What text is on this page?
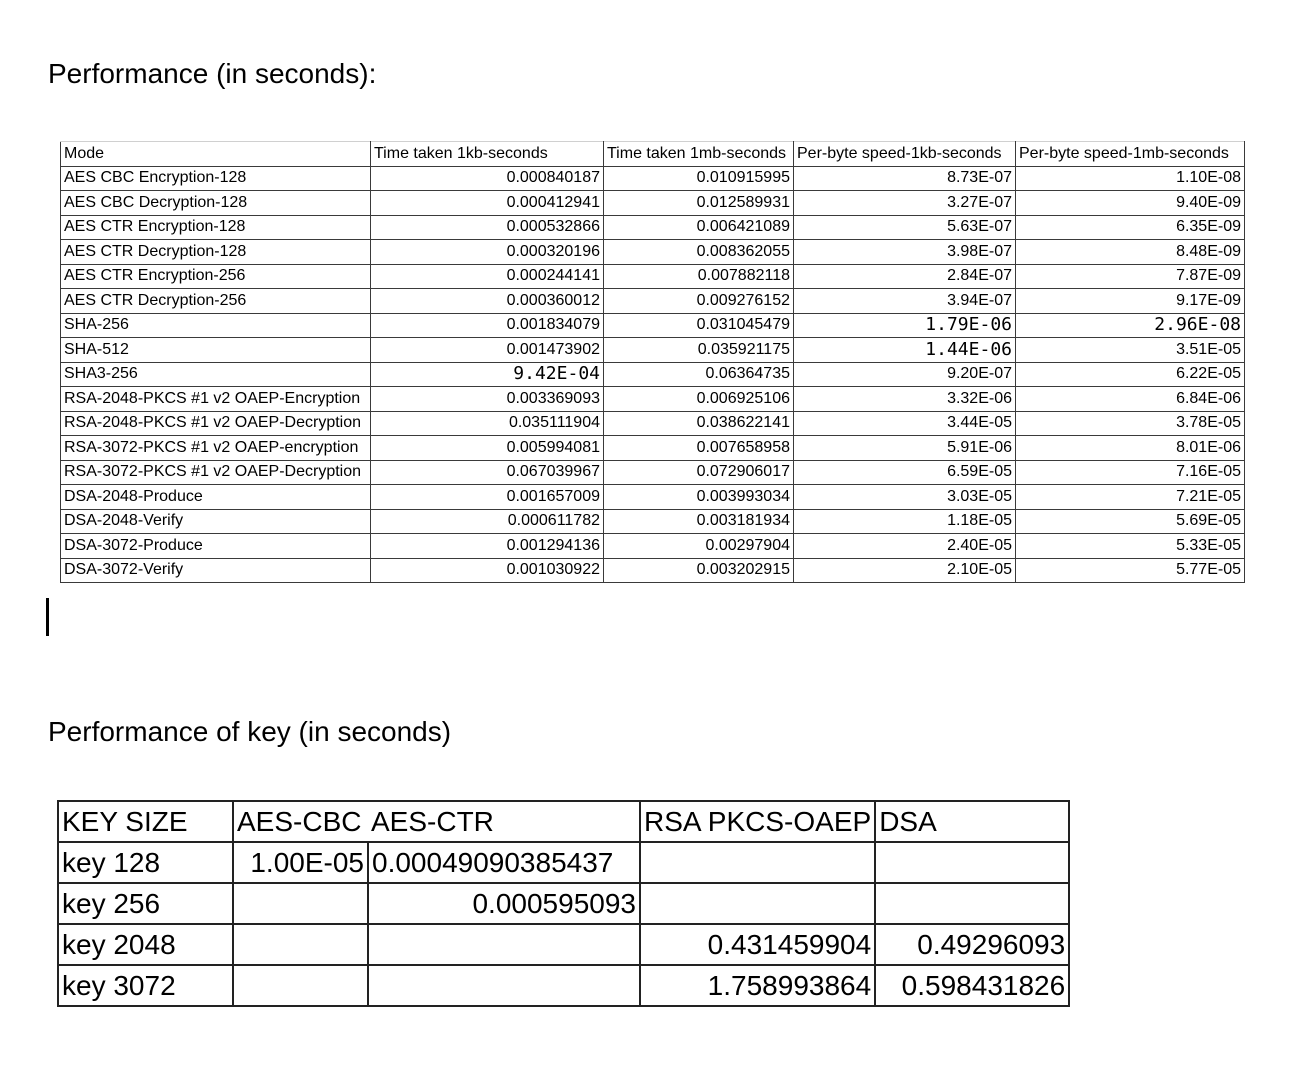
Performance (in seconds):
Mode	Time taken 1kb-seconds	Time taken 1mb-seconds	Per-byte speed-1kb-seconds	Per-byte speed-1mb-seconds
AES CBC Encryption-128	0.000840187	0.010915995	8.73E-07	1.10E-08
AES CBC Decryption-128	0.000412941	0.012589931	3.27E-07	9.40E-09
AES CTR Encryption-128	0.000532866	0.006421089	5.63E-07	6.35E-09
AES CTR Decryption-128	0.000320196	0.008362055	3.98E-07	8.48E-09
AES CTR Encryption-256	0.000244141	0.007882118	2.84E-07	7.87E-09
AES CTR Decryption-256	0.000360012	0.009276152	3.94E-07	9.17E-09
SHA-256	0.001834079	0.031045479	1.79E-06	2.96E-08
SHA-512	0.001473902	0.035921175	1.44E-06	3.51E-05
SHA3-256	9.42E-04	0.06364735	9.20E-07	6.22E-05
RSA-2048-PKCS #1 v2 OAEP-Encryption	0.003369093	0.006925106	3.32E-06	6.84E-06
RSA-2048-PKCS #1 v2 OAEP-Decryption	0.035111904	0.038622141	3.44E-05	3.78E-05
RSA-3072-PKCS #1 v2 OAEP-encryption	0.005994081	0.007658958	5.91E-06	8.01E-06
RSA-3072-PKCS #1 v2 OAEP-Decryption	0.067039967	0.072906017	6.59E-05	7.16E-05
DSA-2048-Produce	0.001657009	0.003993034	3.03E-05	7.21E-05
DSA-2048-Verify	0.000611782	0.003181934	1.18E-05	5.69E-05
DSA-3072-Produce	0.001294136	0.00297904	2.40E-05	5.33E-05
DSA-3072-Verify	0.001030922	0.003202915	2.10E-05	5.77E-05
Performance of key (in seconds)
KEY SIZE	AES-CBC	AES-CTR	RSA PKCS-OAEP	DSA
key 128	1.00E-05	0.00049090385437		
key 256		0.000595093		
key 2048			0.431459904	0.49296093
key 3072			1.758993864	0.598431826
